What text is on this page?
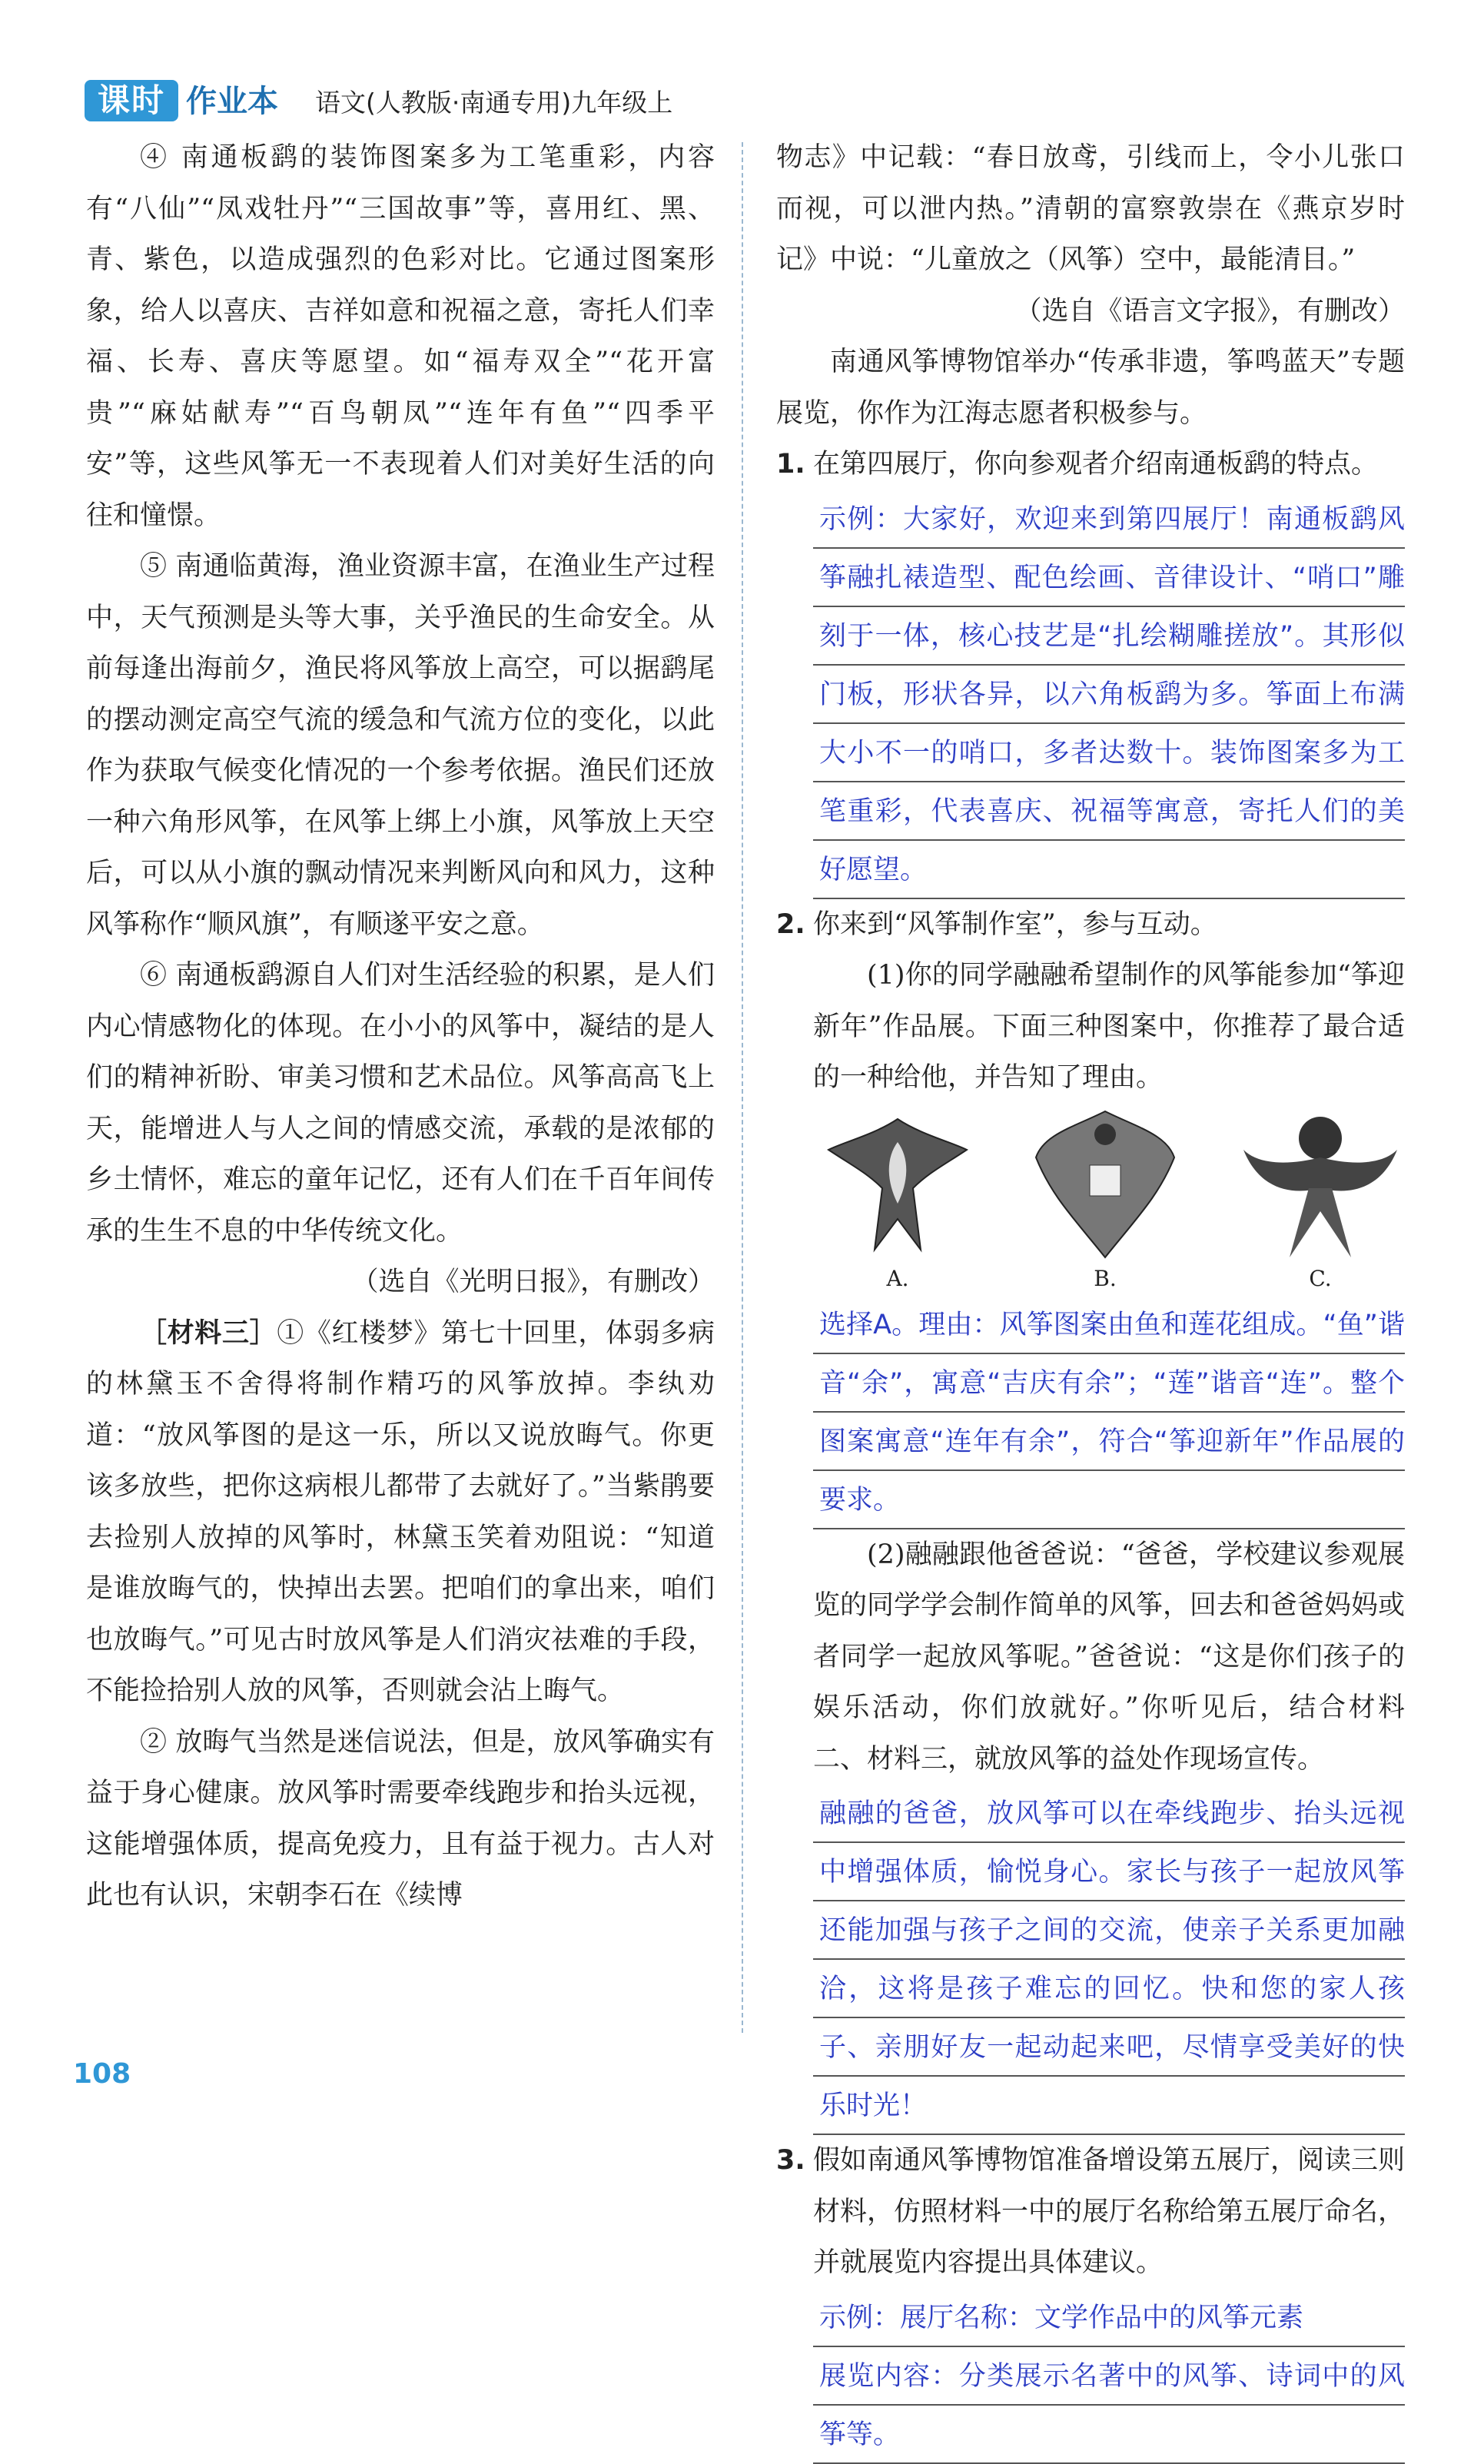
课时 作业本 语文(人教版·南通专用)九年级上

④ 南通板鹞的装饰图案多为工笔重彩，内容有“八仙”“凤戏牡丹”“三国故事”等，喜用红、黑、青、紫色，以造成强烈的色彩对比。它通过图案形象，给人以喜庆、吉祥如意和祝福之意，寄托人们幸福、长寿、喜庆等愿望。如“福寿双全”“花开富贵”“麻姑献寿”“百鸟朝凤”“连年有鱼”“四季平安”等，这些风筝无一不表现着人们对美好生活的向往和憧憬。

⑤ 南通临黄海，渔业资源丰富，在渔业生产过程中，天气预测是头等大事，关乎渔民的生命安全。从前每逢出海前夕，渔民将风筝放上高空，可以据鹞尾的摆动测定高空气流的缓急和气流方位的变化，以此作为获取气候变化情况的一个参考依据。渔民们还放一种六角形风筝，在风筝上绑上小旗，风筝放上天空后，可以从小旗的飘动情况来判断风向和风力，这种风筝称作“顺风旗”，有顺遂平安之意。

⑥ 南通板鹞源自人们对生活经验的积累，是人们内心情感物化的体现。在小小的风筝中，凝结的是人们的精神祈盼、审美习惯和艺术品位。风筝高高飞上天，能增进人与人之间的情感交流，承载的是浓郁的乡土情怀，难忘的童年记忆，还有人们在千百年间传承的生生不息的中华传统文化。

（选自《光明日报》，有删改）

［材料三］①《红楼梦》第七十回里，体弱多病的林黛玉不舍得将制作精巧的风筝放掉。李纨劝道：“放风筝图的是这一乐，所以又说放晦气。你更该多放些，把你这病根儿都带了去就好了。”当紫鹃要去捡别人放掉的风筝时，林黛玉笑着劝阻说：“知道是谁放晦气的，快掉出去罢。把咱们的拿出来，咱们也放晦气。”可见古时放风筝是人们消灾祛难的手段，不能捡拾别人放的风筝，否则就会沾上晦气。

② 放晦气当然是迷信说法，但是，放风筝确实有益于身心健康。放风筝时需要牵线跑步和抬头远视，这能增强体质，提高免疫力，且有益于视力。古人对此也有认识，宋朝李石在《续博

物志》中记载：“春日放鸢，引线而上，令小儿张口而视，可以泄内热。”清朝的富察敦崇在《燕京岁时记》中说：“儿童放之（风筝）空中，最能清目。”

（选自《语言文字报》，有删改）

南通风筝博物馆举办“传承非遗，筝鸣蓝天”专题展览，你作为江海志愿者积极参与。

1. 在第四展厅，你向参观者介绍南通板鹞的特点。

示例：大家好，欢迎来到第四展厅！南通板鹞风筝融扎裱造型、配色绘画、音律设计、“哨口”雕刻于一体，核心技艺是“扎绘糊雕搓放”。其形似门板，形状各异，以六角板鹞为多。筝面上布满大小不一的哨口，多者达数十。装饰图案多为工笔重彩，代表喜庆、祝福等寓意，寄托人们的美好愿望。

2. 你来到“风筝制作室”，参与互动。

(1)你的同学融融希望制作的风筝能参加“筝迎新年”作品展。下面三种图案中，你推荐了最合适的一种给他，并告知了理由。

A.	B.	C.

选择A。理由：风筝图案由鱼和莲花组成。“鱼”谐音“余”，寓意“吉庆有余”；“莲”谐音“连”。整个图案寓意“连年有余”，符合“筝迎新年”作品展的要求。

(2)融融跟他爸爸说：“爸爸，学校建议参观展览的同学学会制作简单的风筝，回去和爸爸妈妈或者同学一起放风筝呢。”爸爸说：“这是你们孩子的娱乐活动，你们放就好。”你听见后，结合材料二、材料三，就放风筝的益处作现场宣传。

融融的爸爸，放风筝可以在牵线跑步、抬头远视中增强体质，愉悦身心。家长与孩子一起放风筝还能加强与孩子之间的交流，使亲子关系更加融洽，这将是孩子难忘的回忆。快和您的家人孩子、亲朋好友一起动起来吧，尽情享受美好的快乐时光！

3. 假如南通风筝博物馆准备增设第五展厅，阅读三则材料，仿照材料一中的展厅名称给第五展厅命名，并就展览内容提出具体建议。

示例：展厅名称：文学作品中的风筝元素

展览内容：分类展示名著中的风筝、诗词中的风筝等。

108
